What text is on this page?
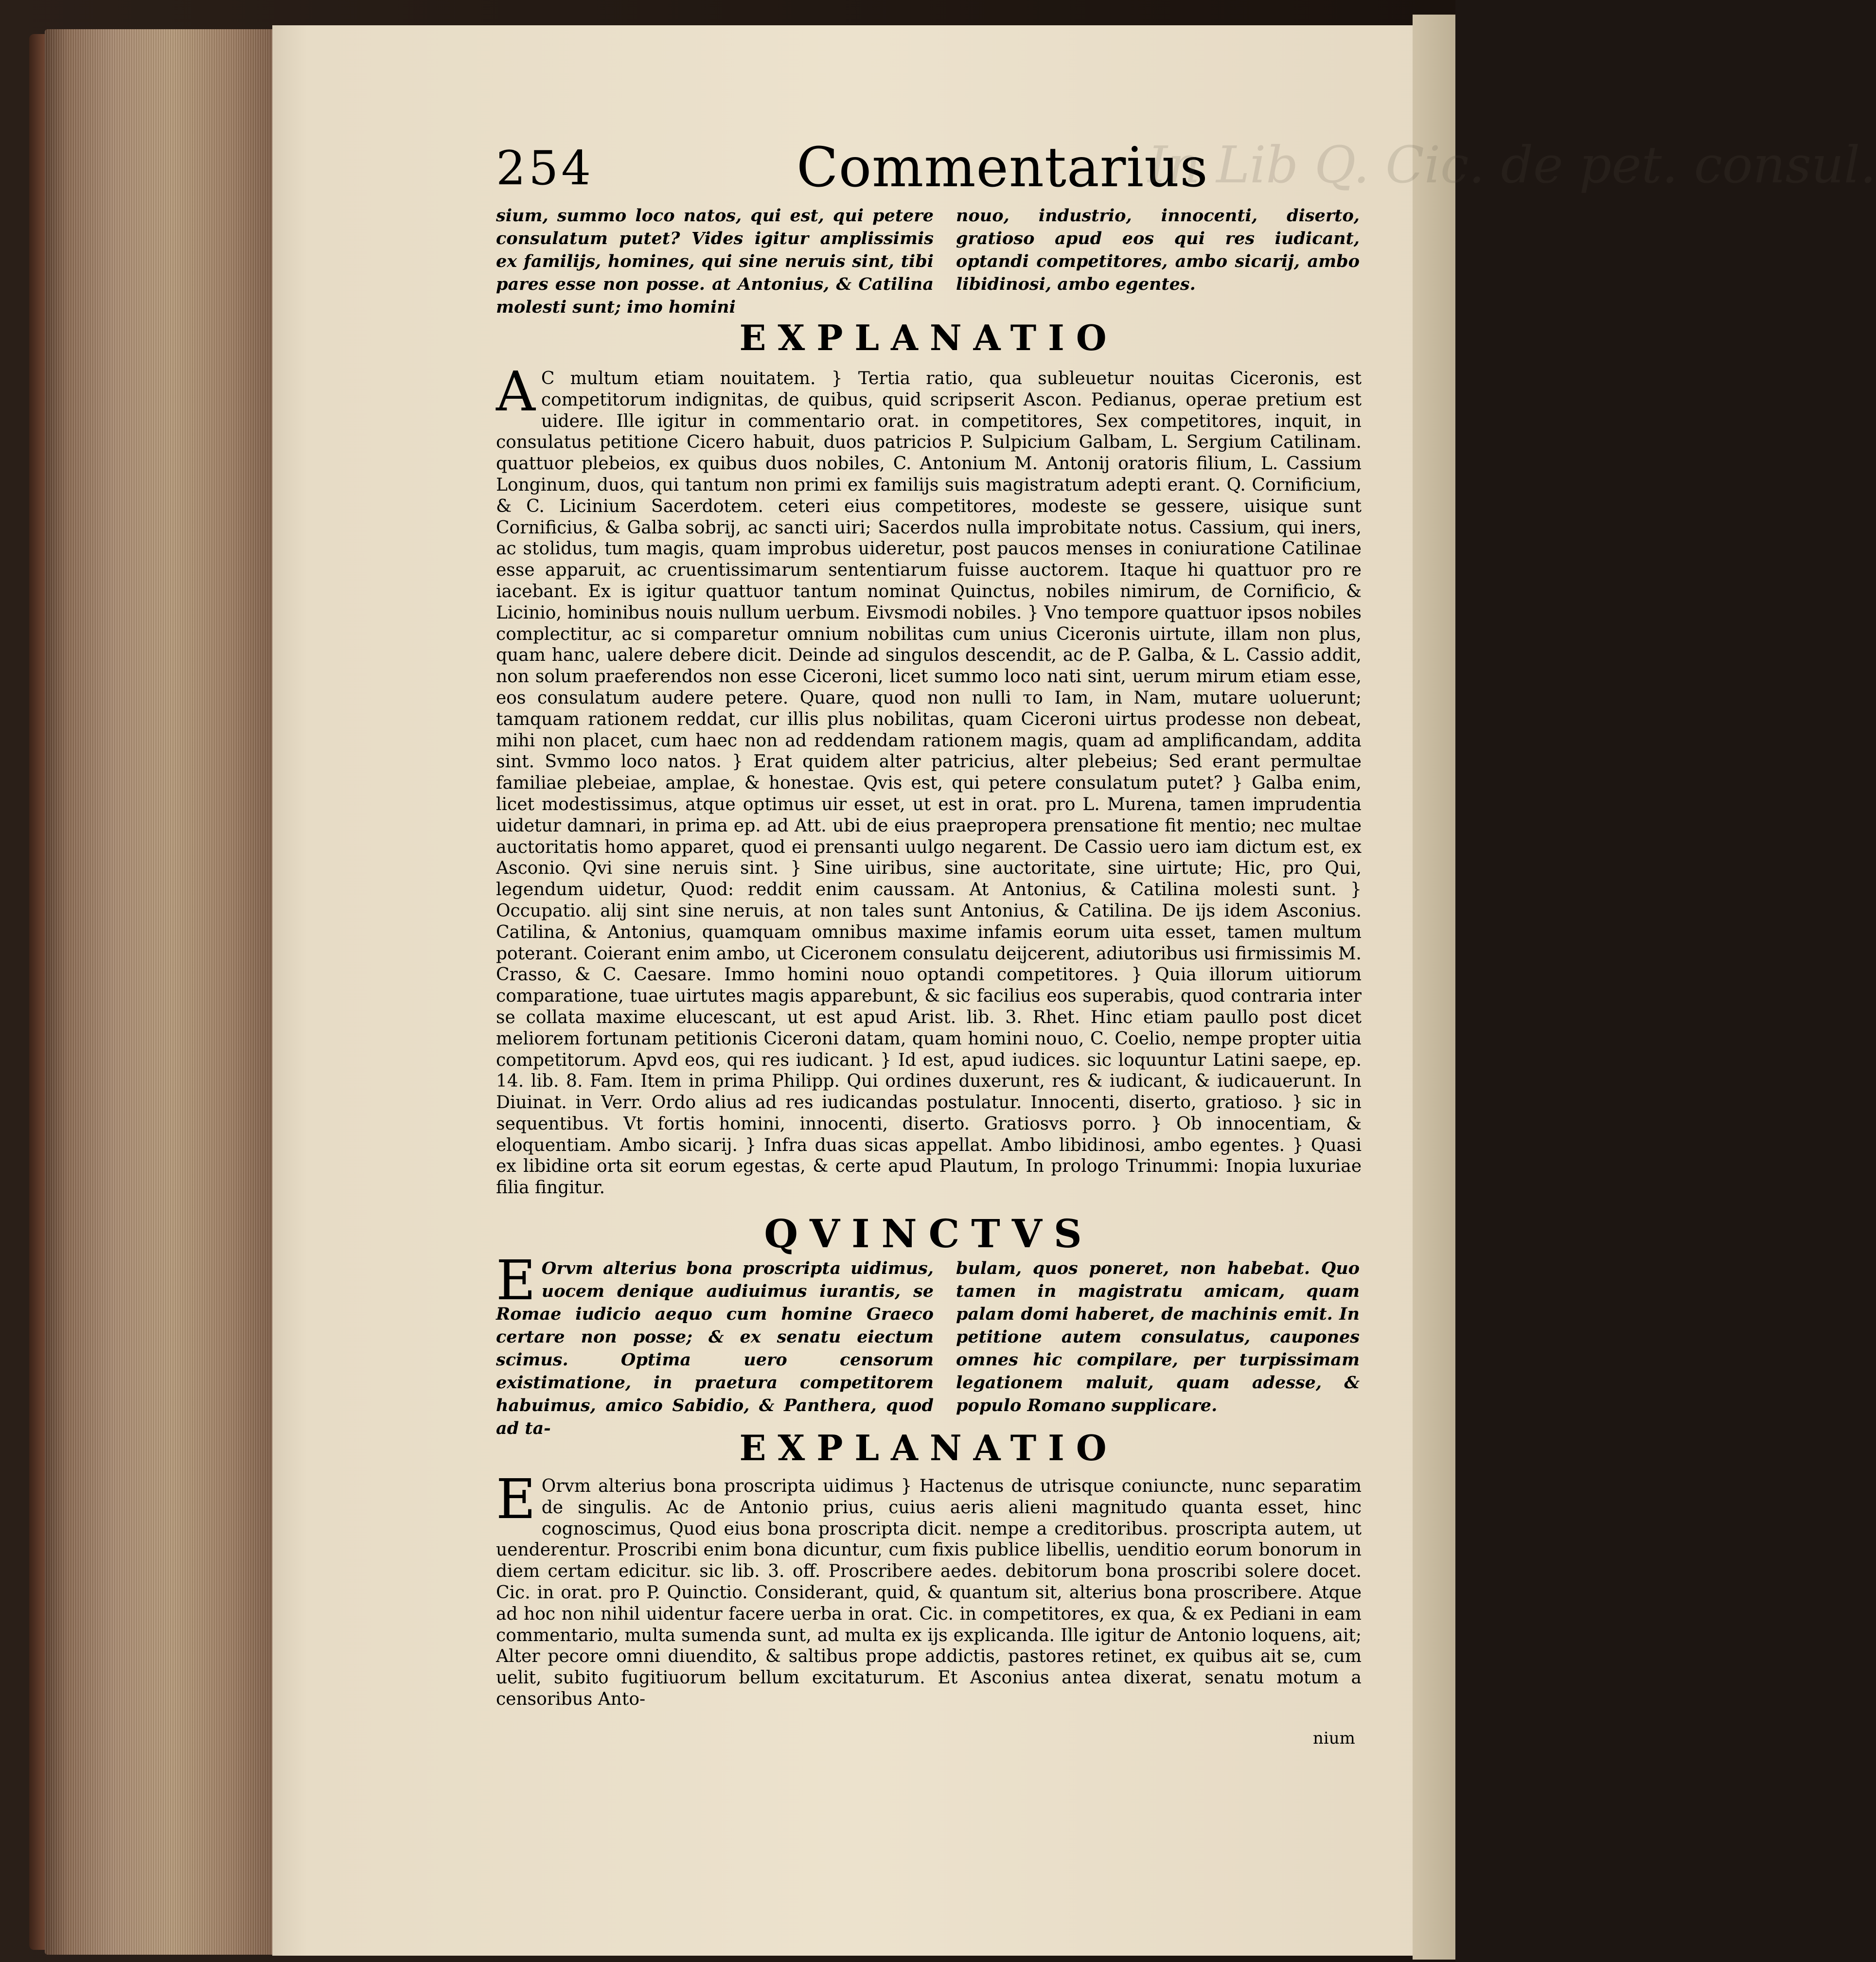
254	Commentarius
In Lib Q. Cic. de pet. consul.

sium, summo loco natos, qui est, qui petere consulatum putet? Vides igitur amplissimis ex familijs, homines, qui sine neruis sint, tibi pares esse non posse. at Antonius, & Catilina molesti sunt; imo homini

nouo, industrio, innocenti, diserto, gratioso apud eos qui res iudicant, optandi competitores, ambo sicarij, ambo libidinosi, ambo egentes.

EXPLANATIO

A C multum etiam nouitatem. } Tertia ratio, qua subleuetur nouitas Ciceronis, est competitorum indignitas, de quibus, quid scripserit Ascon. Pedianus, operae pretium est uidere. Ille igitur in commentario orat. in competitores, Sex competitores, inquit, in consulatus petitione Cicero habuit, duos patricios P. Sulpicium Galbam, L. Sergium Catilinam. quattuor plebeios, ex quibus duos nobiles, C. Antonium M. Antonij oratoris filium, L. Cassium Longinum, duos, qui tantum non primi ex familijs suis magistratum adepti erant. Q. Cornificium, & C. Licinium Sacerdotem. ceteri eius competitores, modeste se gessere, uisique sunt Cornificius, & Galba sobrij, ac sancti uiri; Sacerdos nulla improbitate notus. Cassium, qui iners, ac stolidus, tum magis, quam improbus uideretur, post paucos menses in coniuratione Catilinae esse apparuit, ac cruentissimarum sententiarum fuisse auctorem. Itaque hi quattuor pro re iacebant. Ex is igitur quattuor tantum nominat Quinctus, nobiles nimirum, de Cornificio, & Licinio, hominibus nouis nullum uerbum. Eivsmodi nobiles. } Vno tempore quattuor ipsos nobiles complectitur, ac si comparetur omnium nobilitas cum unius Ciceronis uirtute, illam non plus, quam hanc, ualere debere dicit. Deinde ad singulos descendit, ac de P. Galba, & L. Cassio addit, non solum praeferendos non esse Ciceroni, licet summo loco nati sint, uerum mirum etiam esse, eos consulatum audere petere. Quare, quod non nulli το Iam, in Nam, mutare uoluerunt; tamquam rationem reddat, cur illis plus nobilitas, quam Ciceroni uirtus prodesse non debeat, mihi non placet, cum haec non ad reddendam rationem magis, quam ad amplificandam, addita sint. Svmmo loco natos. } Erat quidem alter patricius, alter plebeius; Sed erant permultae familiae plebeiae, amplae, & honestae. Qvis est, qui petere consulatum putet? } Galba enim, licet modestissimus, atque optimus uir esset, ut est in orat. pro L. Murena, tamen imprudentia uidetur damnari, in prima ep. ad Att. ubi de eius praepropera prensatione fit mentio; nec multae auctoritatis homo apparet, quod ei prensanti uulgo negarent. De Cassio uero iam dictum est, ex Asconio. Qvi sine neruis sint. } Sine uiribus, sine auctoritate, sine uirtute; Hic, pro Qui, legendum uidetur, Quod: reddit enim caussam. At Antonius, & Catilina molesti sunt. } Occupatio. alij sint sine neruis, at non tales sunt Antonius, & Catilina. De ijs idem Asconius. Catilina, & Antonius, quamquam omnibus maxime infamis eorum uita esset, tamen multum poterant. Coierant enim ambo, ut Ciceronem consulatu deijcerent, adiutoribus usi firmissimis M. Crasso, & C. Caesare. Immo homini nouo optandi competitores. } Quia illorum uitiorum comparatione, tuae uirtutes magis apparebunt, & sic facilius eos superabis, quod contraria inter se collata maxime elucescant, ut est apud Arist. lib. 3. Rhet. Hinc etiam paullo post dicet meliorem fortunam petitionis Ciceroni datam, quam homini nouo, C. Coelio, nempe propter uitia competitorum. Apvd eos, qui res iudicant. } Id est, apud iudices. sic loquuntur Latini saepe, ep. 14. lib. 8. Fam. Item in prima Philipp. Qui ordines duxerunt, res & iudicant, & iudicauerunt. In Diuinat. in Verr. Ordo alius ad res iudicandas postulatur. Innocenti, diserto, gratioso. } sic in sequentibus. Vt fortis homini, innocenti, diserto. Gratiosvs porro. } Ob innocentiam, & eloquentiam. Ambo sicarij. } Infra duas sicas appellat. Ambo libidinosi, ambo egentes. } Quasi ex libidine orta sit eorum egestas, & certe apud Plautum, In prologo Trinummi: Inopia luxuriae filia fingitur.

QVINCTVS

E Orvm alterius bona proscripta uidimus, uocem denique audiuimus iurantis, se Romae iudicio aequo cum homine Graeco certare non posse; & ex senatu eiectum scimus. Optima uero censorum existimatione, in praetura competitorem habuimus, amico Sabidio, & Panthera, quod ad ta-

bulam, quos poneret, non habebat. Quo tamen in magistratu amicam, quam palam domi haberet, de machinis emit. In petitione autem consulatus, caupones omnes hic compilare, per turpissimam legationem maluit, quam adesse, & populo Romano supplicare.

EXPLANATIO

E Orvm alterius bona proscripta uidimus } Hactenus de utrisque coniuncte, nunc separatim de singulis. Ac de Antonio prius, cuius aeris alieni magnitudo quanta esset, hinc cognoscimus, Quod eius bona proscripta dicit. nempe a creditoribus. proscripta autem, ut uenderentur. Proscribi enim bona dicuntur, cum fixis publice libellis, uenditio eorum bonorum in diem certam edicitur. sic lib. 3. off. Proscribere aedes. debitorum bona proscribi solere docet. Cic. in orat. pro P. Quinctio. Considerant, quid, & quantum sit, alterius bona proscribere. Atque ad hoc non nihil uidentur facere uerba in orat. Cic. in competitores, ex qua, & ex Pediani in eam commentario, multa sumenda sunt, ad multa ex ijs explicanda. Ille igitur de Antonio loquens, ait; Alter pecore omni diuendito, & saltibus prope addictis, pastores retinet, ex quibus ait se, cum uelit, subito fugitiuorum bellum excitaturum. Et Asconius antea dixerat, senatu motum a censoribus Anto-

nium
